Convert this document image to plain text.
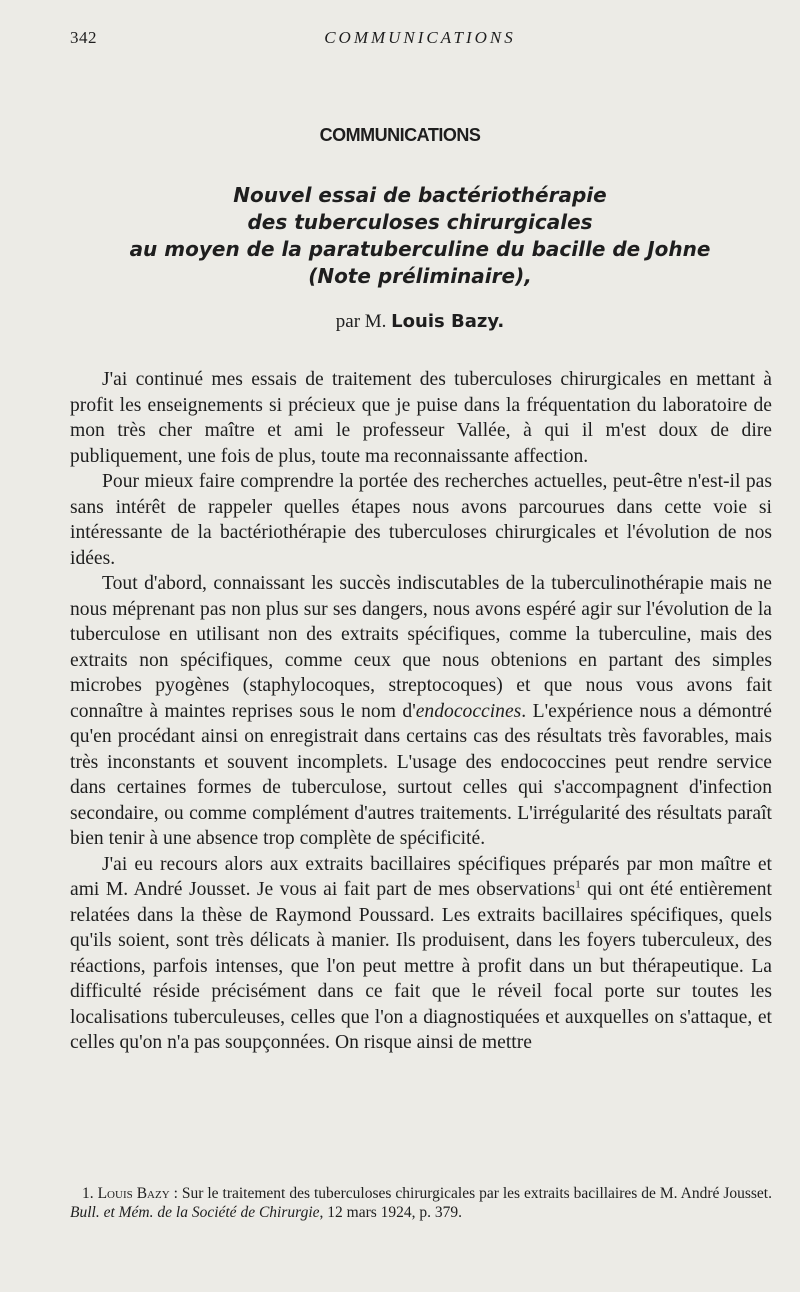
342	COMMUNICATIONS
COMMUNICATIONS
Nouvel essai de bactériothérapie
des tuberculoses chirurgicales
au moyen de la paratuberculine du bacille de Johne
(Note préliminaire),
par M. Louis Bazy.

J'ai continué mes essais de traitement des tuberculoses chirurgicales en mettant à profit les enseignements si précieux que je puise dans la fréquentation du laboratoire de mon très cher maître et ami le professeur Vallée, à qui il m'est doux de dire publiquement, une fois de plus, toute ma reconnaissante affection.

Pour mieux faire comprendre la portée des recherches actuelles, peut-être n'est-il pas sans intérêt de rappeler quelles étapes nous avons parcourues dans cette voie si intéressante de la bactériothérapie des tuberculoses chirurgicales et l'évolution de nos idées.

Tout d'abord, connaissant les succès indiscutables de la tuberculinothérapie mais ne nous méprenant pas non plus sur ses dangers, nous avons espéré agir sur l'évolution de la tuberculose en utilisant non des extraits spécifiques, comme la tuberculine, mais des extraits non spécifiques, comme ceux que nous obtenions en partant des simples microbes pyogènes (staphylocoques, streptocoques) et que nous vous avons fait connaître à maintes reprises sous le nom d'endococcines. L'expérience nous a démontré qu'en procédant ainsi on enregistrait dans certains cas des résultats très favorables, mais très inconstants et souvent incomplets. L'usage des endococcines peut rendre service dans certaines formes de tuberculose, surtout celles qui s'accompagnent d'infection secondaire, ou comme complément d'autres traitements. L'irrégularité des résultats paraît bien tenir à une absence trop complète de spécificité.

J'ai eu recours alors aux extraits bacillaires spécifiques préparés par mon maître et ami M. André Jousset. Je vous ai fait part de mes observations$^1$ qui ont été entièrement relatées dans la thèse de Raymond Poussard. Les extraits bacillaires spécifiques, quels qu'ils soient, sont très délicats à manier. Ils produisent, dans les foyers tuberculeux, des réactions, parfois intenses, que l'on peut mettre à profit dans un but thérapeutique. La difficulté réside précisément dans ce fait que le réveil focal porte sur toutes les localisations tuberculeuses, celles que l'on a diagnostiquées et auxquelles on s'attaque, et celles qu'on n'a pas soupçonnées. On risque ainsi de mettre

1. Louis Bazy : Sur le traitement des tuberculoses chirurgicales par les extraits bacillaires de M. André Jousset. Bull. et Mém. de la Société de Chirurgie, 12 mars 1924, p. 379.
